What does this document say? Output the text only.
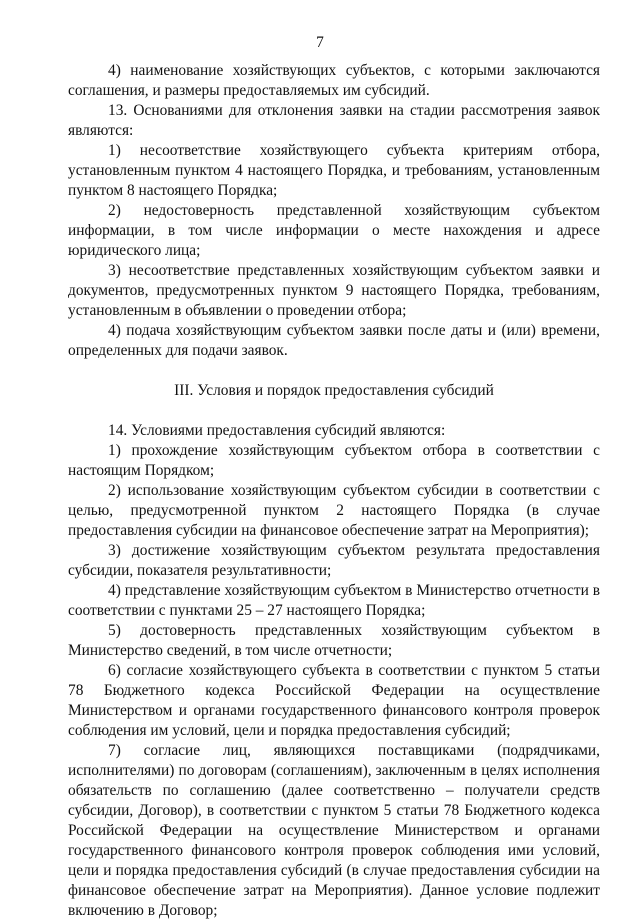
7

4) наименование хозяйствующих субъектов, с которыми заключаются соглашения, и размеры предоставляемых им субсидий.

13. Основаниями для отклонения заявки на стадии рассмотрения заявок являются:

1) несоответствие хозяйствующего субъекта критериям отбора, установленным пунктом 4 настоящего Порядка, и требованиям, установленным пунктом 8 настоящего Порядка;

2) недостоверность представленной хозяйствующим субъектом информации, в том числе информации о месте нахождения и адресе юридического лица;

3) несоответствие представленных хозяйствующим субъектом заявки и документов, предусмотренных пунктом 9 настоящего Порядка, требованиям, установленным в объявлении о проведении отбора;

4) подача хозяйствующим субъектом заявки после даты и (или) времени, определенных для подачи заявок.

III. Условия и порядок предоставления субсидий

14. Условиями предоставления субсидий являются:

1) прохождение хозяйствующим субъектом отбора в соответствии с настоящим Порядком;

2) использование хозяйствующим субъектом субсидии в соответствии с целью, предусмотренной пунктом 2 настоящего Порядка (в случае предоставления субсидии на финансовое обеспечение затрат на Мероприятия);

3) достижение хозяйствующим субъектом результата предоставления субсидии, показателя результативности;

4) представление хозяйствующим субъектом в Министерство отчетности в соответствии с пунктами 25 – 27 настоящего Порядка;

5) достоверность представленных хозяйствующим субъектом в Министерство сведений, в том числе отчетности;

6) согласие хозяйствующего субъекта в соответствии с пунктом 5 статьи 78 Бюджетного кодекса Российской Федерации на осуществление Министерством и органами государственного финансового контроля проверок соблюдения им условий, цели и порядка предоставления субсидий;

7) согласие лиц, являющихся поставщиками (подрядчиками, исполнителями) по договорам (соглашениям), заключенным в целях исполнения обязательств по соглашению (далее соответственно – получатели средств субсидии, Договор), в соответствии с пунктом 5 статьи 78 Бюджетного кодекса Российской Федерации на осуществление Министерством и органами государственного финансового контроля проверок соблюдения ими условий, цели и порядка предоставления субсидий (в случае предоставления субсидии на финансовое обеспечение затрат на Мероприятия). Данное условие подлежит включению в Договор;
